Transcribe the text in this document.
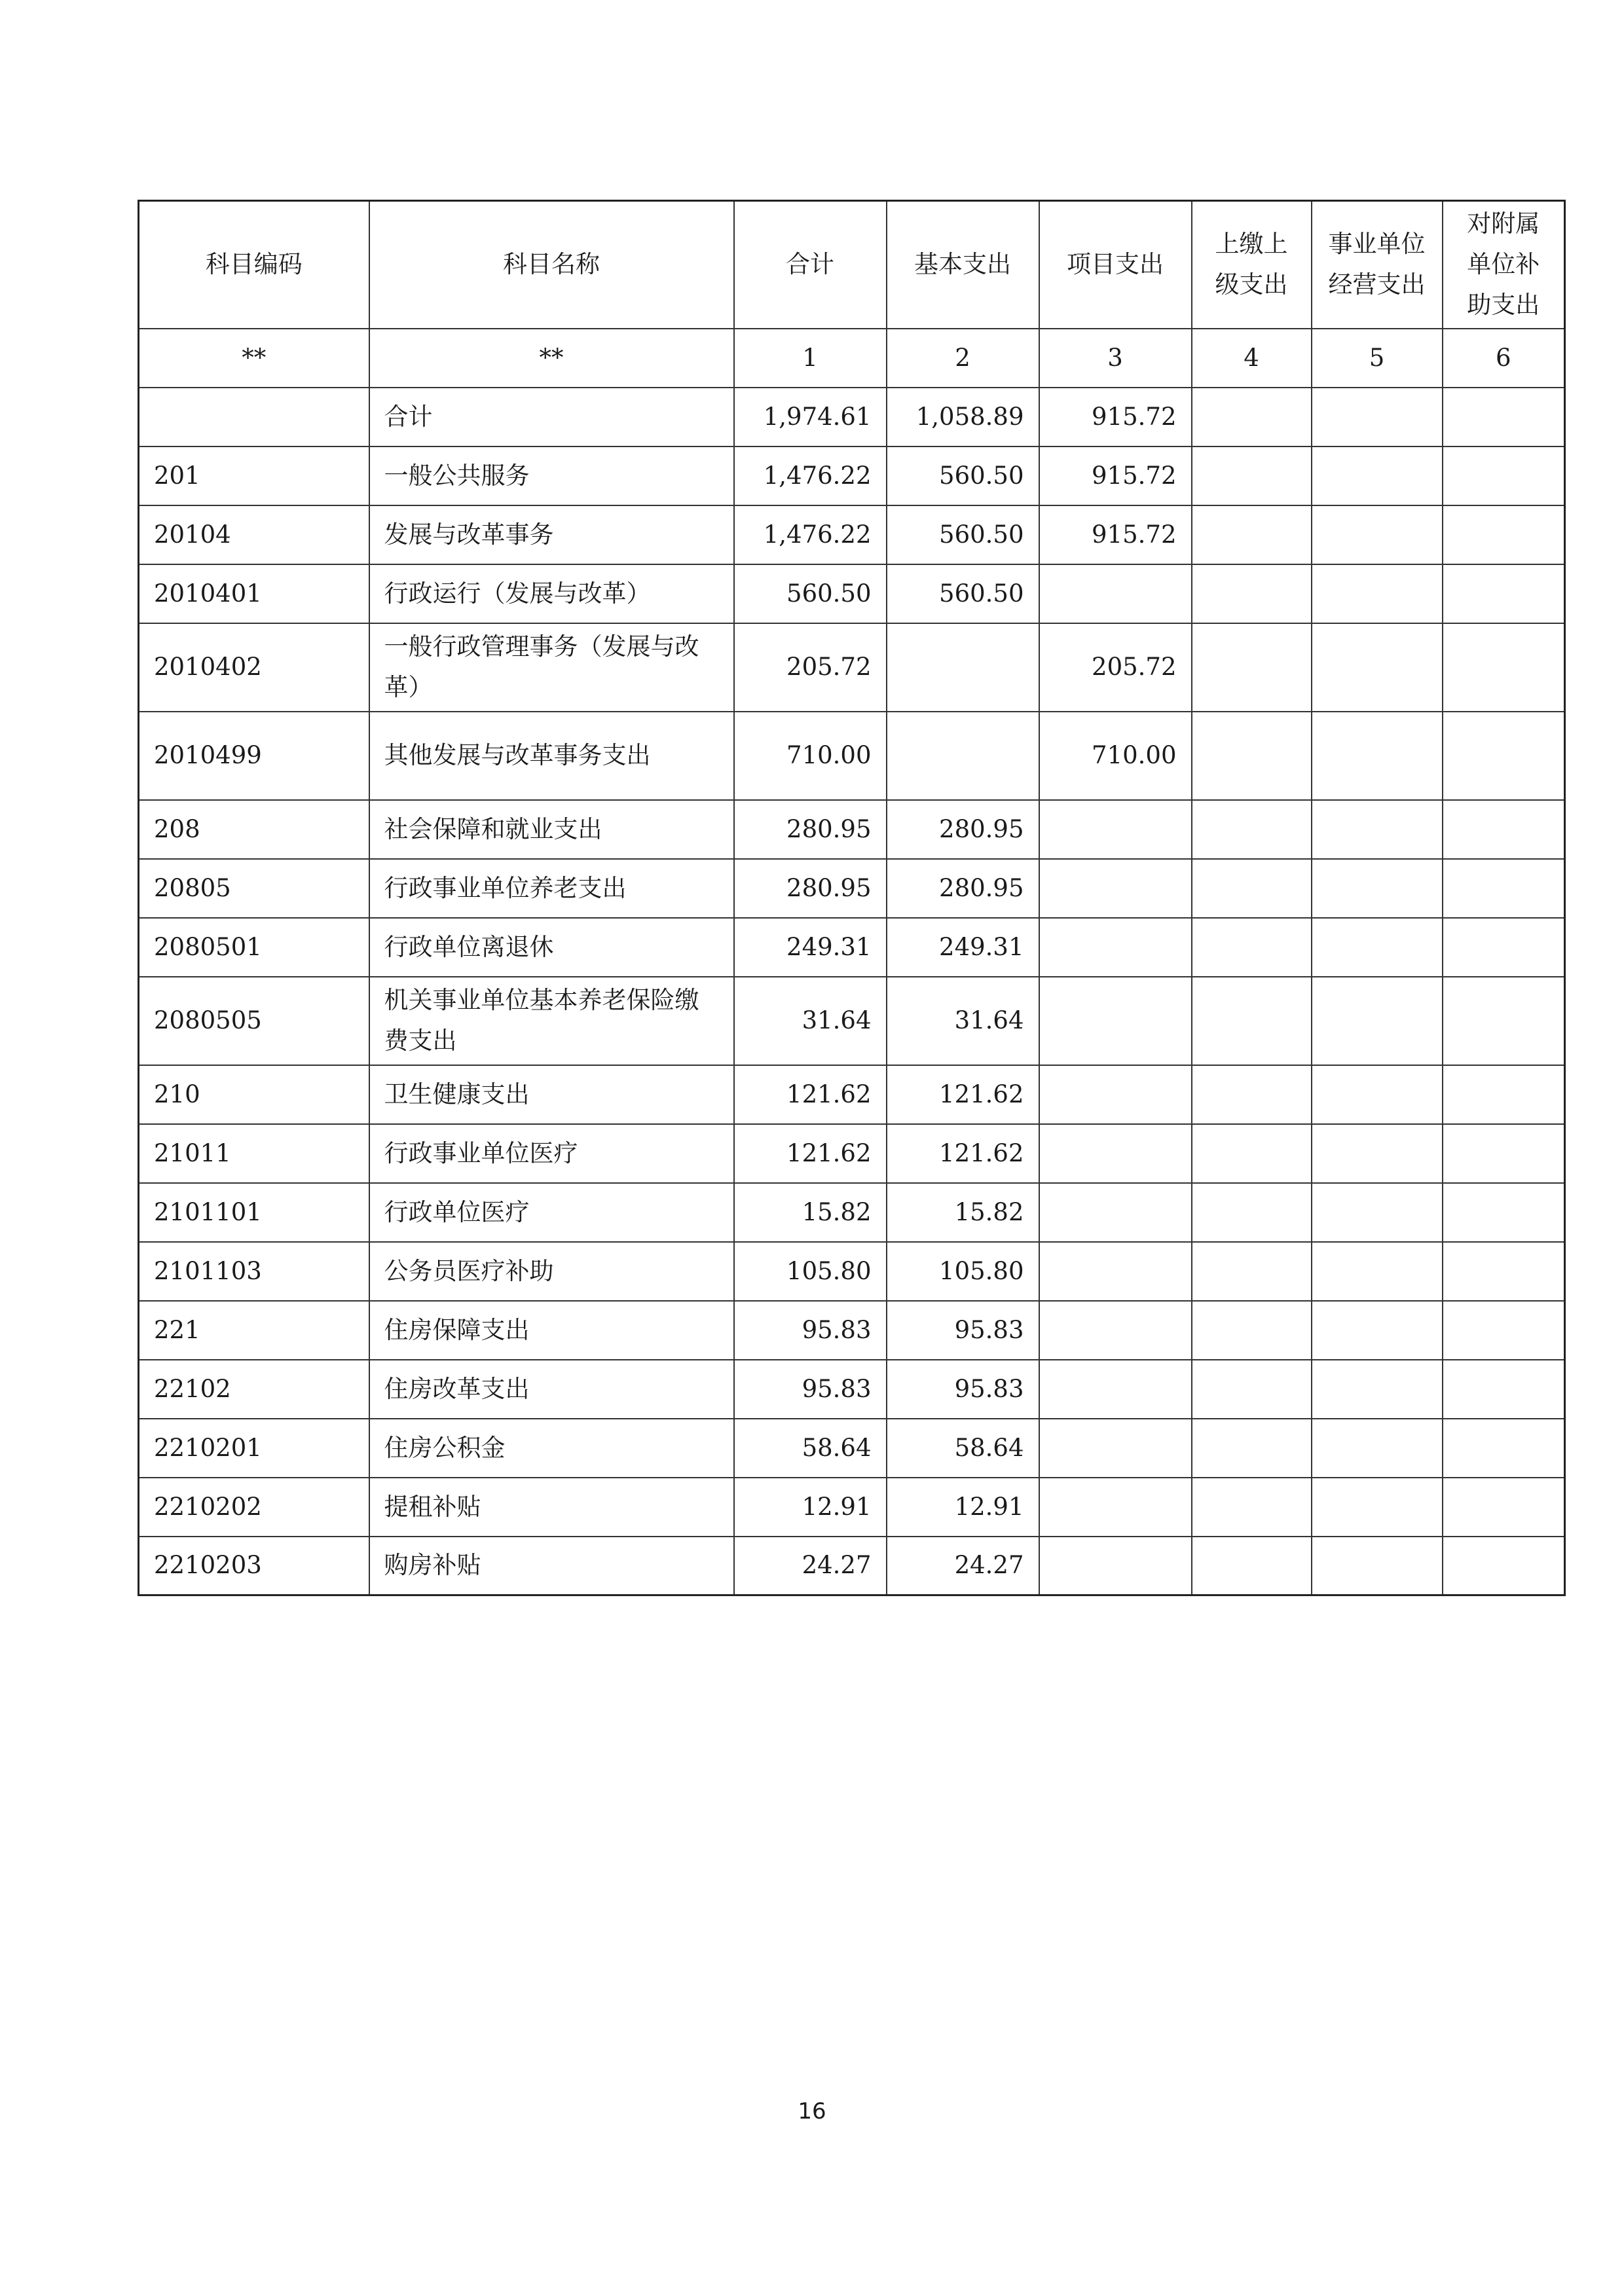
科目编码	科目名称	合计	基本支出	项目支出	上缴上级支出	事业单位经营支出	对附属单位补助支出
**	**	1	2	3	4	5	6
	合计	1,974.61	1,058.89	915.72			
201	一般公共服务	1,476.22	560.50	915.72			
20104	发展与改革事务	1,476.22	560.50	915.72			
2010401	行政运行（发展与改革）	560.50	560.50				
2010402	一般行政管理事务（发展与改革）	205.72		205.72			
2010499	其他发展与改革事务支出	710.00		710.00			
208	社会保障和就业支出	280.95	280.95				
20805	行政事业单位养老支出	280.95	280.95				
2080501	行政单位离退休	249.31	249.31				
2080505	机关事业单位基本养老保险缴费支出	31.64	31.64				
210	卫生健康支出	121.62	121.62				
21011	行政事业单位医疗	121.62	121.62				
2101101	行政单位医疗	15.82	15.82				
2101103	公务员医疗补助	105.80	105.80				
221	住房保障支出	95.83	95.83				
22102	住房改革支出	95.83	95.83				
2210201	住房公积金	58.64	58.64				
2210202	提租补贴	12.91	12.91				
2210203	购房补贴	24.27	24.27				
16
